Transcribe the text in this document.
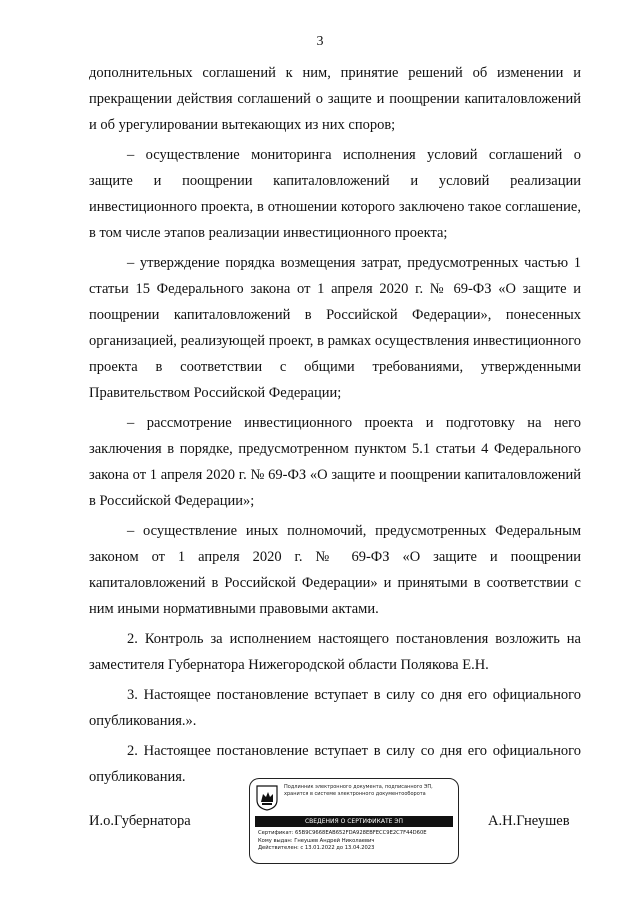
3

дополнительных соглашений к ним, принятие решений об изменении и прекращении действия соглашений о защите и поощрении капиталовложений и об урегулировании вытекающих из них споров;

– осуществление мониторинга исполнения условий соглашений о защите и поощрении капиталовложений и условий реализации инвестиционного проекта, в отношении которого заключено такое соглашение, в том числе этапов реализации инвестиционного проекта;

– утверждение порядка возмещения затрат, предусмотренных частью 1 статьи 15 Федерального закона от 1 апреля 2020 г. № 69-ФЗ «О защите и поощрении капиталовложений в Российской Федерации», понесенных организацией, реализующей проект, в рамках осуществления инвестиционного проекта в соответствии с общими требованиями, утвержденными Правительством Российской Федерации;

– рассмотрение инвестиционного проекта и подготовку на него заключения в порядке, предусмотренном пунктом 5.1 статьи 4 Федерального закона от 1 апреля 2020 г. № 69-ФЗ «О защите и поощрении капиталовложений в Российской Федерации»;

– осуществление иных полномочий, предусмотренных Федеральным законом от 1 апреля 2020 г. № 69-ФЗ «О защите и поощрении капиталовложений в Российской Федерации» и принятыми в соответствии с ним иными нормативными правовыми актами.

2. Контроль за исполнением настоящего постановления возложить на заместителя Губернатора Нижегородской области Полякова Е.Н.

3. Настоящее постановление вступает в силу со дня его официального опубликования.».

2. Настоящее постановление вступает в силу со дня его официального опубликования.

И.о.Губернатора
Подлинник электронного документа, подписанного ЭП, хранится в системе электронного документооборота
СВЕДЕНИЯ О СЕРТИФИКАТЕ ЭП
Сертификат: 65B9C9668EAB652FDA928EBFECC9E2C7F44D60E
Кому выдан: Гнеушев Андрей Николаевич
Действителен: с 13.01.2022 до 13.04.2023
А.Н.Гнеушев
